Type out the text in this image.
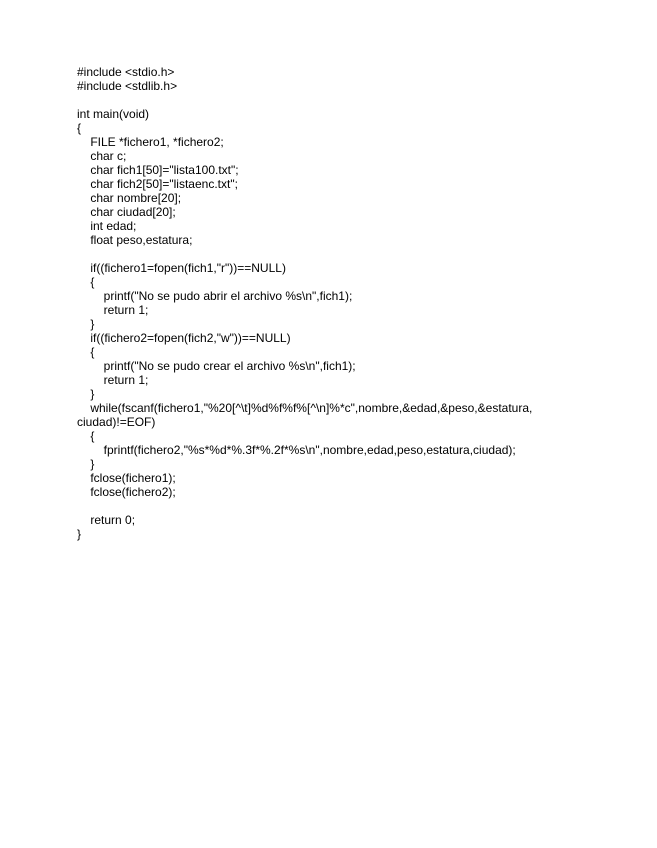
#include <stdio.h>
#include <stdlib.h>
int main(void)
{
FILE *fichero1, *fichero2;
char c;
char fich1[50]="lista100.txt";
char fich2[50]="listaenc.txt";
char nombre[20];
char ciudad[20];
int edad;
float peso,estatura;
if((fichero1=fopen(fich1,"r"))==NULL)
{
printf("No se pudo abrir el archivo %s\n",fich1);
return 1;
}
if((fichero2=fopen(fich2,"w"))==NULL)
{
printf("No se pudo crear el archivo %s\n",fich1);
return 1;
}
while(fscanf(fichero1,"%20[^\t]%d%f%f%[^\n]%*c",nombre,&edad,&peso,&estatura,
ciudad)!=EOF)
{
fprintf(fichero2,"%s*%d*%.3f*%.2f*%s\n",nombre,edad,peso,estatura,ciudad);
}
fclose(fichero1);
fclose(fichero2);
return 0;
}
